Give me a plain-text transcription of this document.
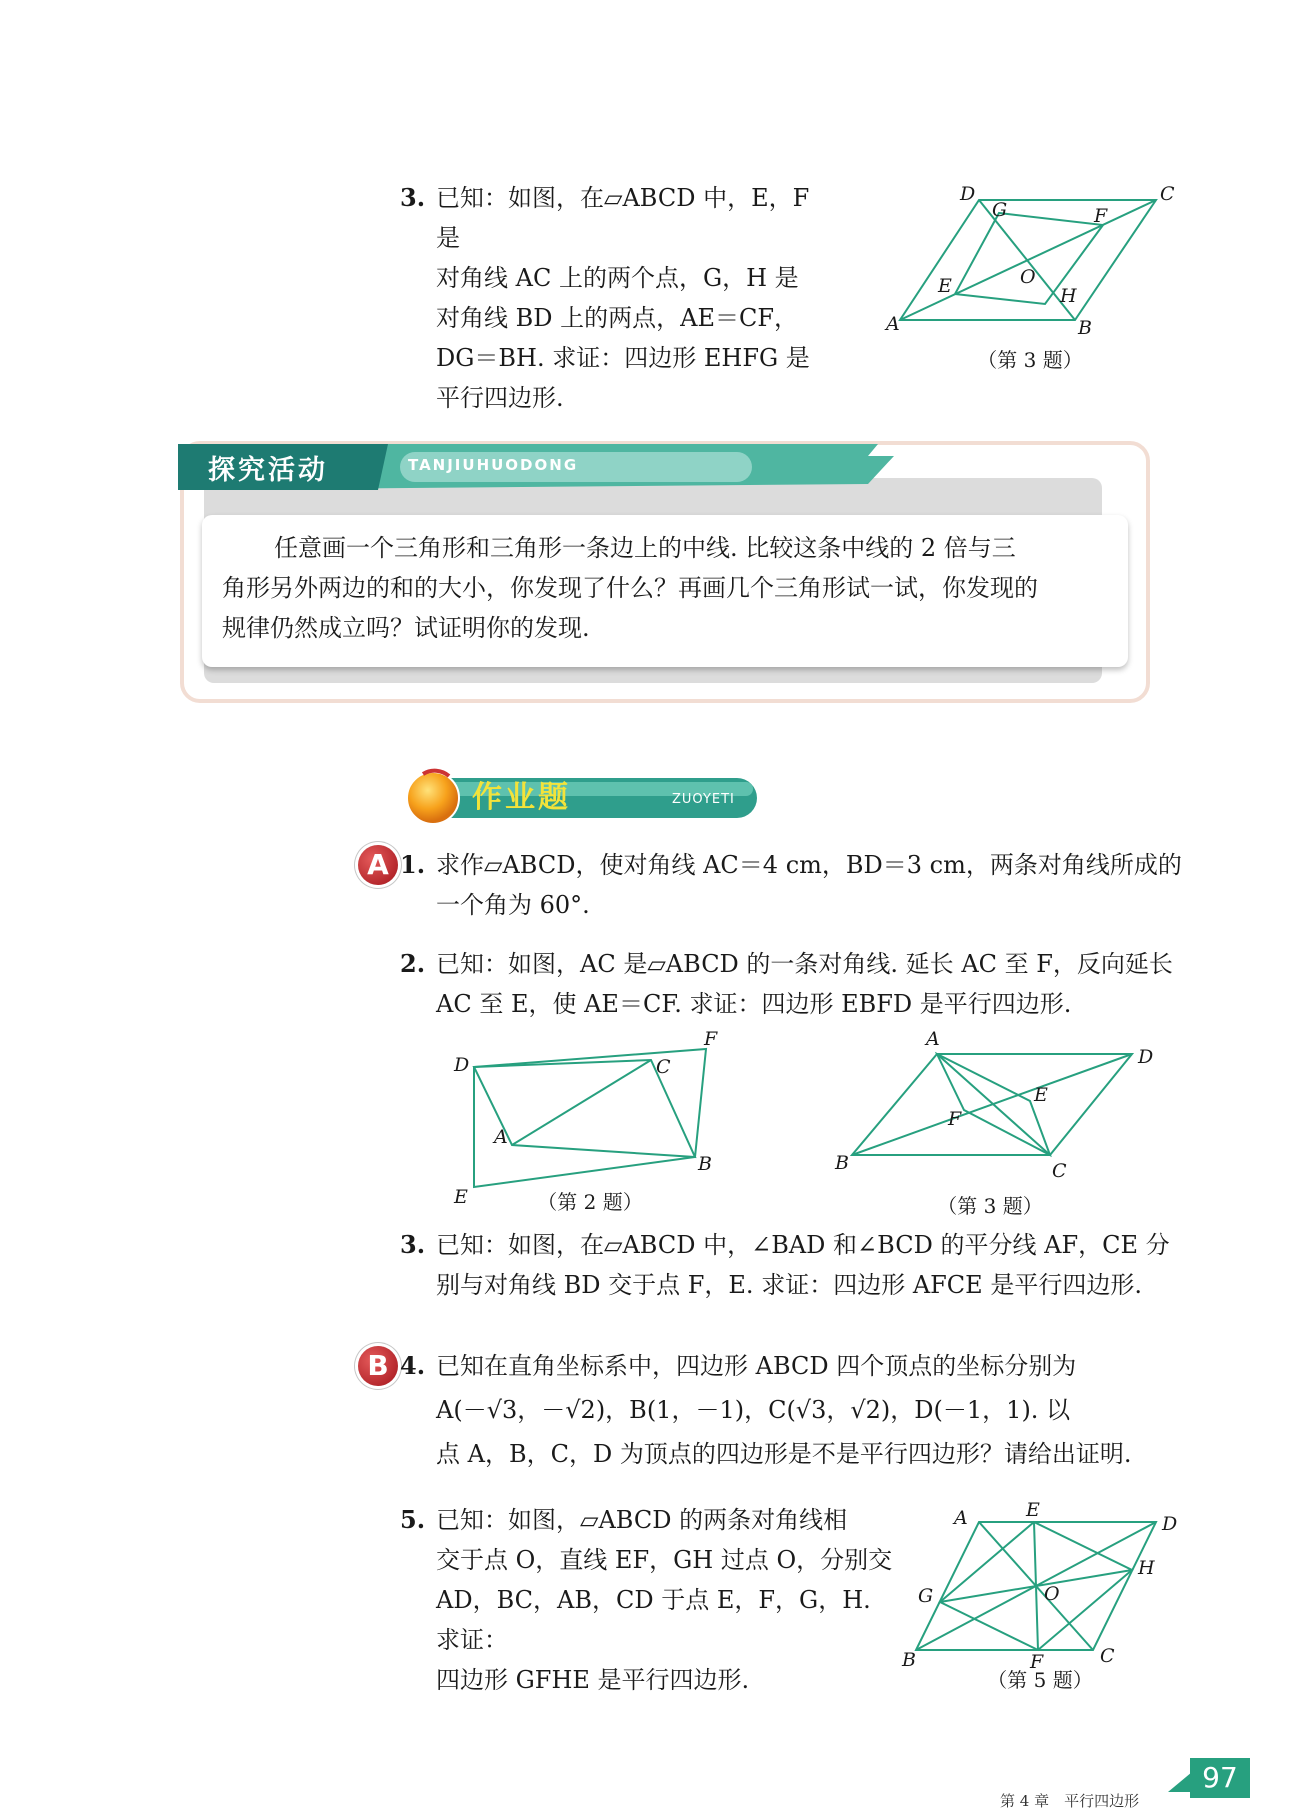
3. 已知：如图，在▱ABCD 中，E，F 是
对角线 AC 上的两个点，G，H 是
对角线 BD 上的两点，AE＝CF，
DG＝BH. 求证：四边形 EHFG 是
平行四边形.
A	B
C
D
E
F
G
H
O
（第 3 题）
探究活动	TANJIUHUODONG
任意画一个三角形和三角形一条边上的中线. 比较这条中线的 2 倍与三
角形另外两边的和的大小，你发现了什么？再画几个三角形试一试，你发现的
规律仍然成立吗？试证明你的发现.
作业题	ZUOYETI
A 1. 求作▱ABCD，使对角线 AC＝4 cm，BD＝3 cm，两条对角线所成的
一个角为 60°.
2. 已知：如图，AC 是▱ABCD 的一条对角线. 延长 AC 至 F，反向延长
AC 至 E，使 AE＝CF. 求证：四边形 EBFD 是平行四边形.
D	C
F
A
B
E	（第 2 题）
A
D
B	C
F
E
（第 3 题）
3. 已知：如图，在▱ABCD 中，∠BAD 和∠BCD 的平分线 AF，CE 分
别与对角线 BD 交于点 F，E. 求证：四边形 AFCE 是平行四边形.
B 4. 已知在直角坐标系中，四边形 ABCD 四个顶点的坐标分别为
A(－√3，－√2)，B(1，－1)，C(√3，√2)，D(－1，1). 以
点 A，B，C，D 为顶点的四边形是不是平行四边形？请给出证明.
5. 已知：如图，▱ABCD 的两条对角线相
交于点 O，直线 EF，GH 过点 O，分别交
AD，BC，AB，CD 于点 E，F，G，H. 求证：
四边形 GFHE 是平行四边形.
A	E
D
H
G	O
B	F	C
（第 5 题）
第 4 章　平行四边形
97
